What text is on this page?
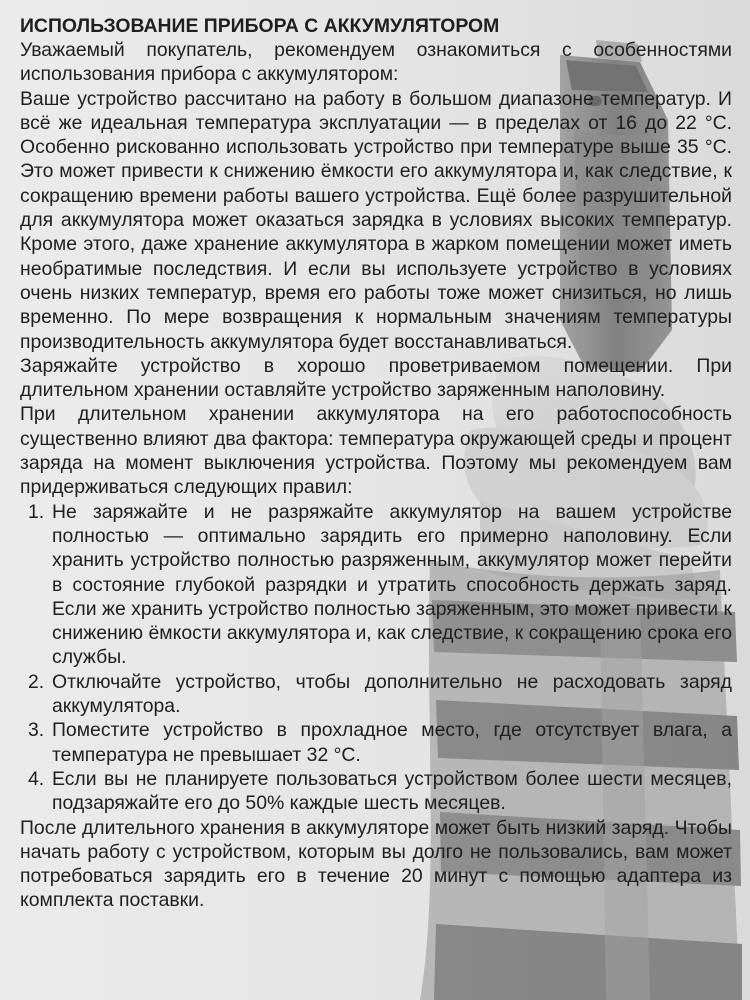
ИСПОЛЬЗОВАНИЕ ПРИБОРА С АККУМУЛЯТОРОМ

Уважаемый покупатель, рекомендуем ознакомиться с особенностями использования прибора с аккумулятором:

Ваше устройство рассчитано на работу в большом диапазоне температур. И всё же идеальная температура эксплуатации — в пределах от 16 до 22 °C. Особенно рискованно использовать устройство при температуре выше 35 °C. Это может привести к снижению ёмкости его аккумулятора и, как следствие, к сокращению времени работы вашего устройства. Ещё более разрушительной для аккумулятора может оказаться зарядка в условиях высоких температур. Кроме этого, даже хранение аккумулятора в жарком помещении может иметь необратимые последствия. И если вы используете устройство в условиях очень низких температур, время его работы тоже может снизиться, но лишь временно. По мере возвращения к нормальным значениям температуры производительность аккумулятора будет восстанавливаться.

Заряжайте устройство в хорошо проветриваемом помещении. При длительном хранении оставляйте устройство заряженным наполовину.

При длительном хранении аккумулятора на его работоспособность существенно влияют два фактора: температура окружающей среды и процент заряда на момент выключения устройства. Поэтому мы рекомендуем вам придерживаться следующих правил:

1. Не заряжайте и не разряжайте аккумулятор на вашем устройстве полностью — оптимально зарядить его примерно наполовину. Если хранить устройство полностью разряженным, аккумулятор может перейти в состояние глубокой разрядки и утратить способность держать заряд. Если же хранить устройство полностью заряженным, это может привести к снижению ёмкости аккумулятора и, как следствие, к сокращению срока его службы.
2. Отключайте устройство, чтобы дополнительно не расходовать заряд аккумулятора.
3. Поместите устройство в прохладное место, где отсутствует влага, а температура не превышает 32 °C.
4. Если вы не планируете пользоваться устройством более шести месяцев, подзаряжайте его до 50% каждые шесть месяцев.

После длительного хранения в аккумуляторе может быть низкий заряд. Чтобы начать работу с устройством, которым вы долго не пользовались, вам может потребоваться зарядить его в течение 20 минут с помощью адаптера из комплекта поставки.
